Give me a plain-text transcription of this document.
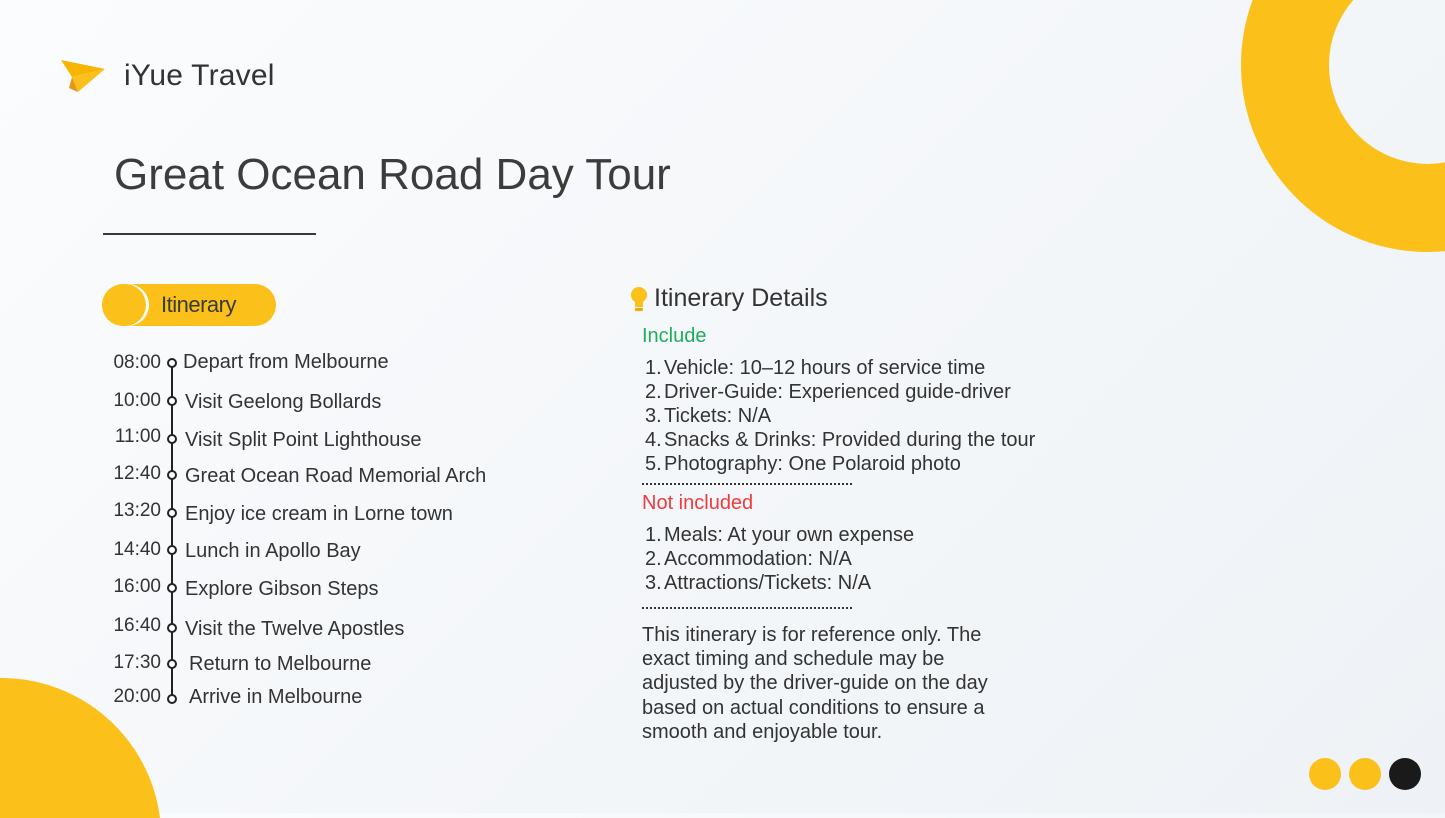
iYue Travel
Great Ocean Road Day Tour
Itinerary
08:00 Depart from Melbourne
10:00 Visit Geelong Bollards
11:00 Visit Split Point Lighthouse
12:40 Great Ocean Road Memorial Arch
13:20 Enjoy ice cream in Lorne town
14:40 Lunch in Apollo Bay
16:00 Explore Gibson Steps
16:40 Visit the Twelve Apostles
17:30 Return to Melbourne
20:00 Arrive in Melbourne
Itinerary Details
Include
1. Vehicle: 10–12 hours of service time
2. Driver-Guide: Experienced guide-driver
3. Tickets: N/A
4. Snacks & Drinks: Provided during the tour
5. Photography: One Polaroid photo
Not included
1. Meals: At your own expense
2. Accommodation: N/A
3. Attractions/Tickets: N/A
This itinerary is for reference only. The exact timing and schedule may be adjusted by the driver-guide on the day based on actual conditions to ensure a smooth and enjoyable tour.
